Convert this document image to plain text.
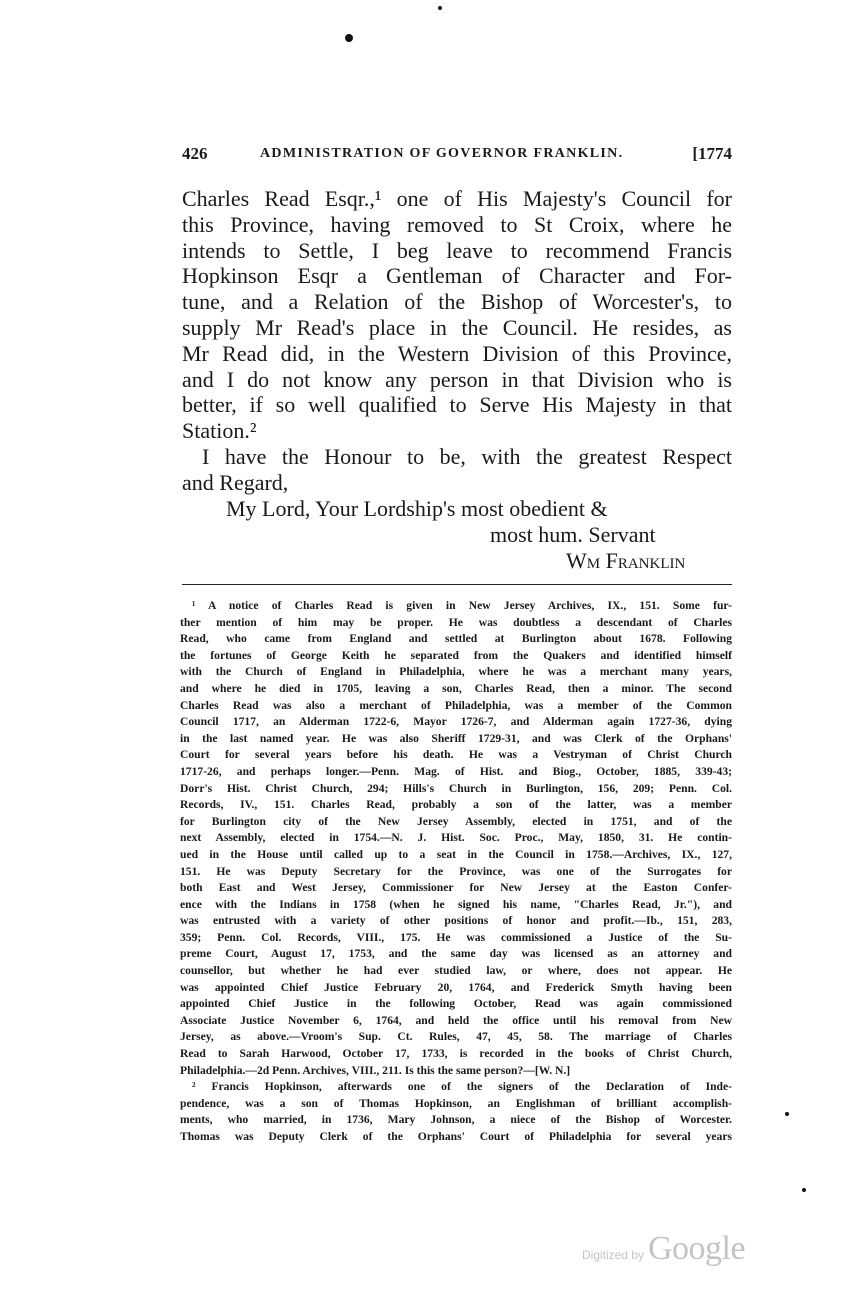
426	ADMINISTRATION OF GOVERNOR FRANKLIN.	[1774
Charles Read Esqr.,¹ one of His Majesty's Council for
this Province, having removed to St Croix, where he
intends to Settle, I beg leave to recommend Francis
Hopkinson Esqr a Gentleman of Character and For-
tune, and a Relation of the Bishop of Worcester's, to
supply Mr Read's place in the Council. He resides, as
Mr Read did, in the Western Division of this Province,
and I do not know any person in that Division who is
better, if so well qualified to Serve His Majesty in that
Station.²
I have the Honour to be, with the greatest Respect
and Regard,
My Lord, Your Lordship's most obedient &
most hum. Servant
Wm Franklin
¹ A notice of Charles Read is given in New Jersey Archives, IX., 151. Some fur-
ther mention of him may be proper. He was doubtless a descendant of Charles
Read, who came from England and settled at Burlington about 1678. Following
the fortunes of George Keith he separated from the Quakers and identified himself
with the Church of England in Philadelphia, where he was a merchant many years,
and where he died in 1705, leaving a son, Charles Read, then a minor. The second
Charles Read was also a merchant of Philadelphia, was a member of the Common
Council 1717, an Alderman 1722-6, Mayor 1726-7, and Alderman again 1727-36, dying
in the last named year. He was also Sheriff 1729-31, and was Clerk of the Orphans'
Court for several years before his death. He was a Vestryman of Christ Church
1717-26, and perhaps longer.—Penn. Mag. of Hist. and Biog., October, 1885, 339-43;
Dorr's Hist. Christ Church, 294; Hills's Church in Burlington, 156, 209; Penn. Col.
Records, IV., 151. Charles Read, probably a son of the latter, was a member
for Burlington city of the New Jersey Assembly, elected in 1751, and of the
next Assembly, elected in 1754.—N. J. Hist. Soc. Proc., May, 1850, 31. He contin-
ued in the House until called up to a seat in the Council in 1758.—Archives, IX., 127,
151. He was Deputy Secretary for the Province, was one of the Surrogates for
both East and West Jersey, Commissioner for New Jersey at the Easton Confer-
ence with the Indians in 1758 (when he signed his name, "Charles Read, Jr."), and
was entrusted with a variety of other positions of honor and profit.—Ib., 151, 283,
359; Penn. Col. Records, VIII., 175. He was commissioned a Justice of the Su-
preme Court, August 17, 1753, and the same day was licensed as an attorney and
counsellor, but whether he had ever studied law, or where, does not appear. He
was appointed Chief Justice February 20, 1764, and Frederick Smyth having been
appointed Chief Justice in the following October, Read was again commissioned
Associate Justice November 6, 1764, and held the office until his removal from New
Jersey, as above.—Vroom's Sup. Ct. Rules, 47, 45, 58. The marriage of Charles
Read to Sarah Harwood, October 17, 1733, is recorded in the books of Christ Church,
Philadelphia.—2d Penn. Archives, VIII., 211. Is this the same person?—[W. N.]
² Francis Hopkinson, afterwards one of the signers of the Declaration of Inde-
pendence, was a son of Thomas Hopkinson, an Englishman of brilliant accomplish-
ments, who married, in 1736, Mary Johnson, a niece of the Bishop of Worcester.
Thomas was Deputy Clerk of the Orphans' Court of Philadelphia for several years
Digitized by Google
